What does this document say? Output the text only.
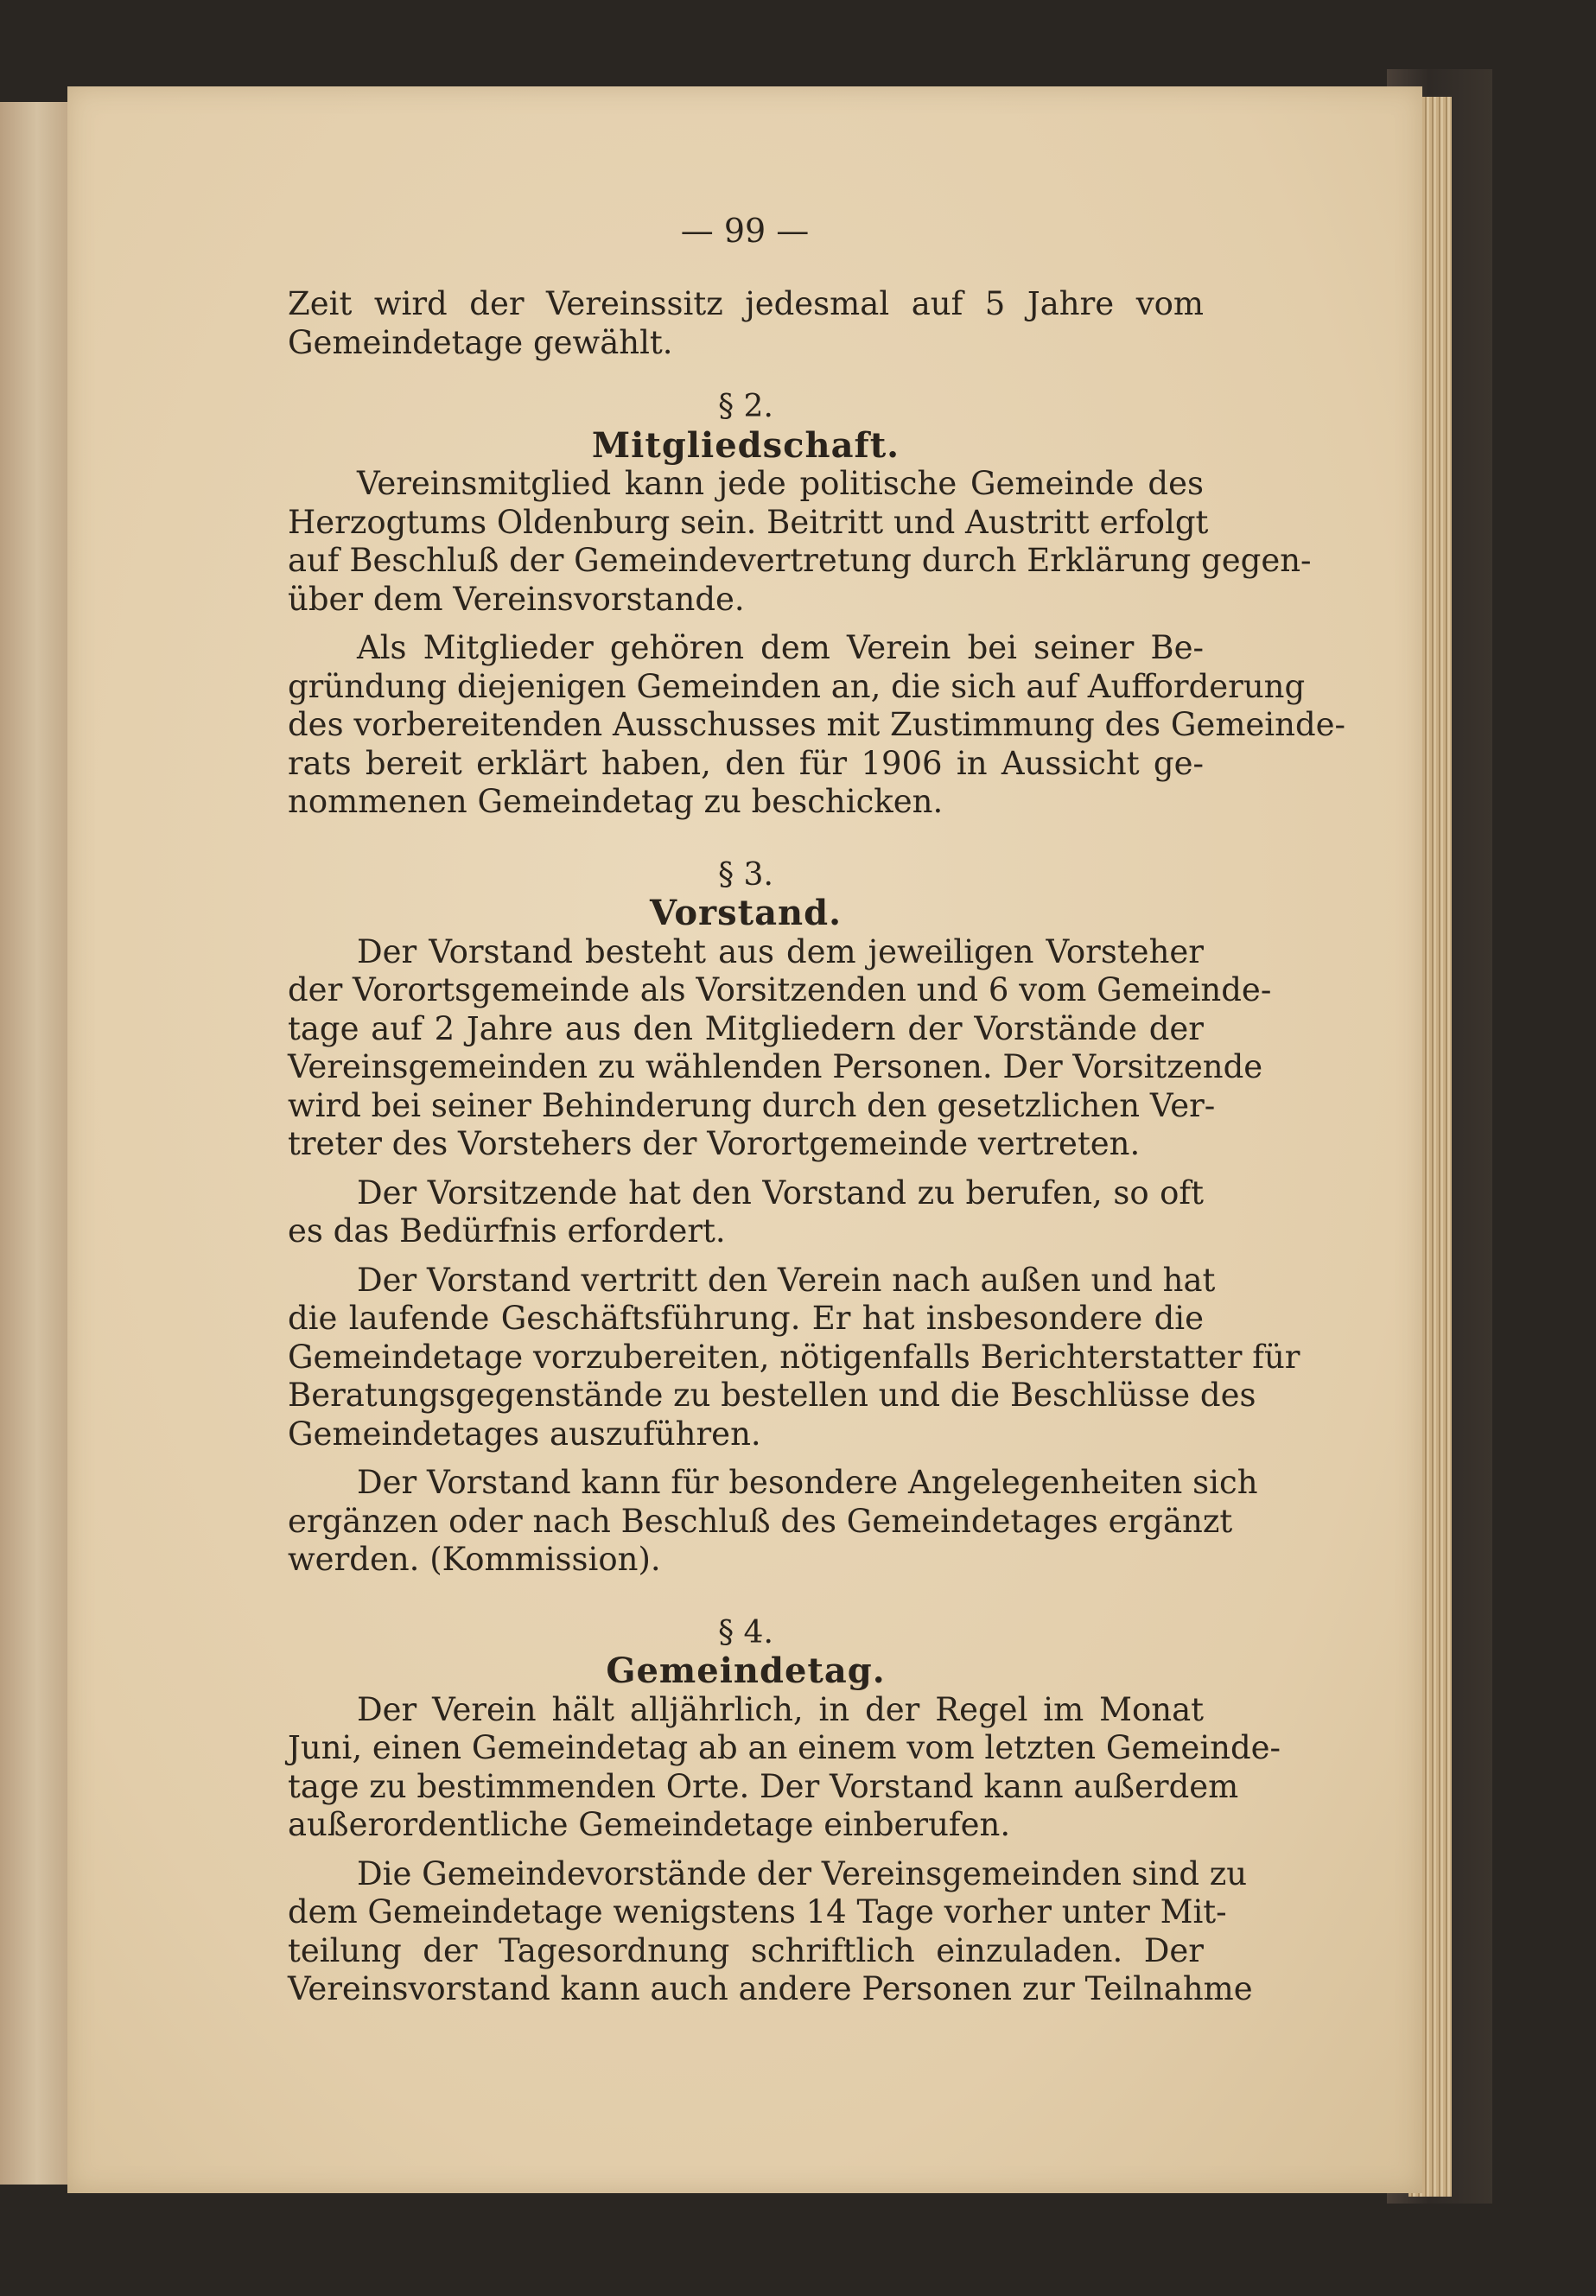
— 99 —
Zeit wird der Vereinssitz jedesmal auf 5 Jahre vom
Gemeindetage gewählt.
§ 2.
Mitgliedschaft.
Vereinsmitglied kann jede politische Gemeinde des
Herzogtums Oldenburg sein. Beitritt und Austritt erfolgt
auf Beschluß der Gemeindevertretung durch Erklärung gegen-
über dem Vereinsvorstande.
Als Mitglieder gehören dem Verein bei seiner Be-
gründung diejenigen Gemeinden an, die sich auf Aufforderung
des vorbereitenden Ausschusses mit Zustimmung des Gemeinde-
rats bereit erklärt haben, den für 1906 in Aussicht ge-
nommenen Gemeindetag zu beschicken.
§ 3.
Vorstand.
Der Vorstand besteht aus dem jeweiligen Vorsteher
der Vorortsgemeinde als Vorsitzenden und 6 vom Gemeinde-
tage auf 2 Jahre aus den Mitgliedern der Vorstände der
Vereinsgemeinden zu wählenden Personen. Der Vorsitzende
wird bei seiner Behinderung durch den gesetzlichen Ver-
treter des Vorstehers der Vorortgemeinde vertreten.
Der Vorsitzende hat den Vorstand zu berufen, so oft
es das Bedürfnis erfordert.
Der Vorstand vertritt den Verein nach außen und hat
die laufende Geschäftsführung. Er hat insbesondere die
Gemeindetage vorzubereiten, nötigenfalls Berichterstatter für
Beratungsgegenstände zu bestellen und die Beschlüsse des
Gemeindetages auszuführen.
Der Vorstand kann für besondere Angelegenheiten sich
ergänzen oder nach Beschluß des Gemeindetages ergänzt
werden. (Kommission).
§ 4.
Gemeindetag.
Der Verein hält alljährlich, in der Regel im Monat
Juni, einen Gemeindetag ab an einem vom letzten Gemeinde-
tage zu bestimmenden Orte. Der Vorstand kann außerdem
außerordentliche Gemeindetage einberufen.
Die Gemeindevorstände der Vereinsgemeinden sind zu
dem Gemeindetage wenigstens 14 Tage vorher unter Mit-
teilung der Tagesordnung schriftlich einzuladen. Der
Vereinsvorstand kann auch andere Personen zur Teilnahme
